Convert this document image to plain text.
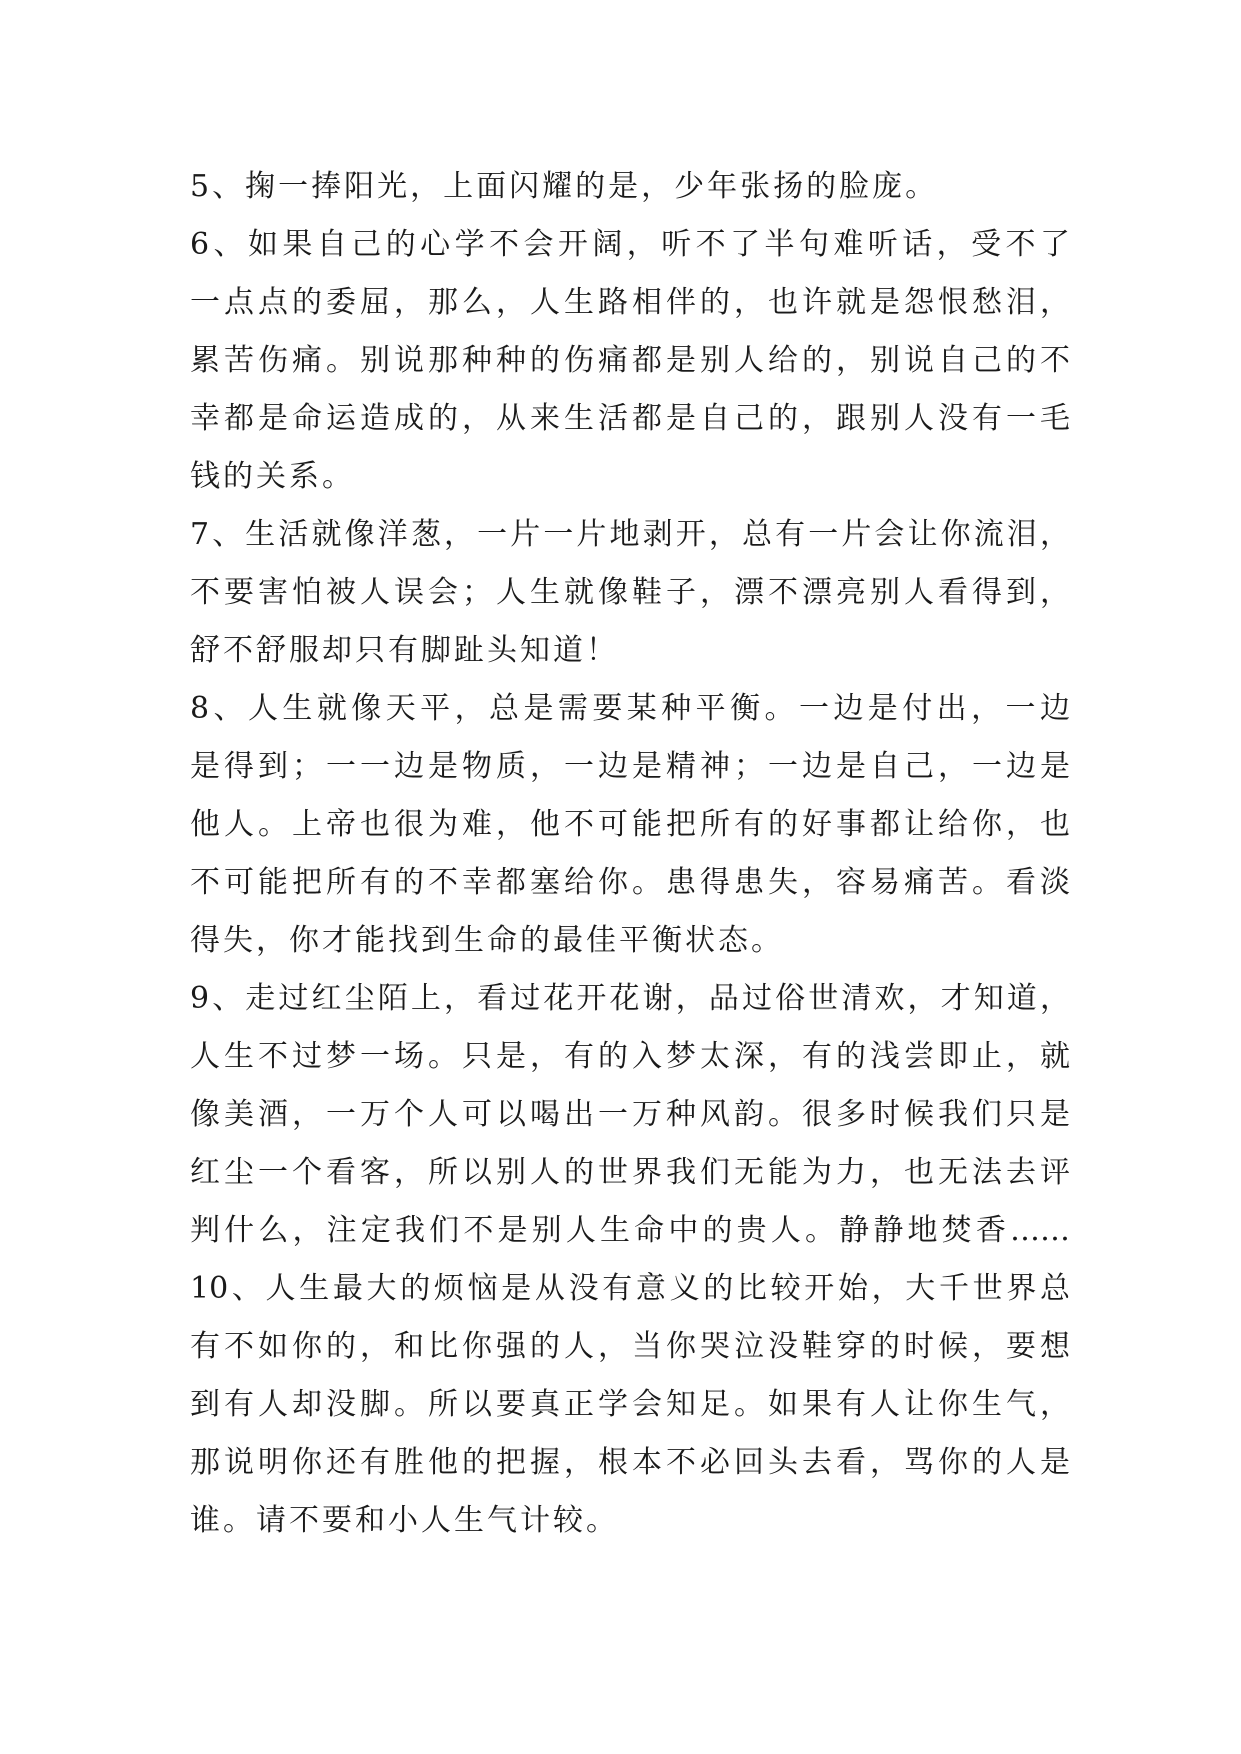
5、掬一捧阳光，上面闪耀的是，少年张扬的脸庞。
6、如果自己的心学不会开阔，听不了半句难听话，受不了
一点点的委屈，那么，人生路相伴的，也许就是怨恨愁泪，
累苦伤痛。别说那种种的伤痛都是别人给的，别说自己的不
幸都是命运造成的，从来生活都是自己的，跟别人没有一毛
钱的关系。
7、生活就像洋葱，一片一片地剥开，总有一片会让你流泪，
不要害怕被人误会；人生就像鞋子，漂不漂亮别人看得到，
舒不舒服却只有脚趾头知道！
8、人生就像天平，总是需要某种平衡。一边是付出，一边
是得到；一一边是物质，一边是精神；一边是自己，一边是
他人。上帝也很为难，他不可能把所有的好事都让给你，也
不可能把所有的不幸都塞给你。患得患失，容易痛苦。看淡
得失，你才能找到生命的最佳平衡状态。
9、走过红尘陌上，看过花开花谢，品过俗世清欢，才知道，
人生不过梦一场。只是，有的入梦太深，有的浅尝即止，就
像美酒，一万个人可以喝出一万种风韵。很多时候我们只是
红尘一个看客，所以别人的世界我们无能为力，也无法去评
判什么，注定我们不是别人生命中的贵人。静静地焚香……
10、人生最大的烦恼是从没有意义的比较开始，大千世界总
有不如你的，和比你强的人，当你哭泣没鞋穿的时候，要想
到有人却没脚。所以要真正学会知足。如果有人让你生气，
那说明你还有胜他的把握，根本不必回头去看，骂你的人是
谁。请不要和小人生气计较。
